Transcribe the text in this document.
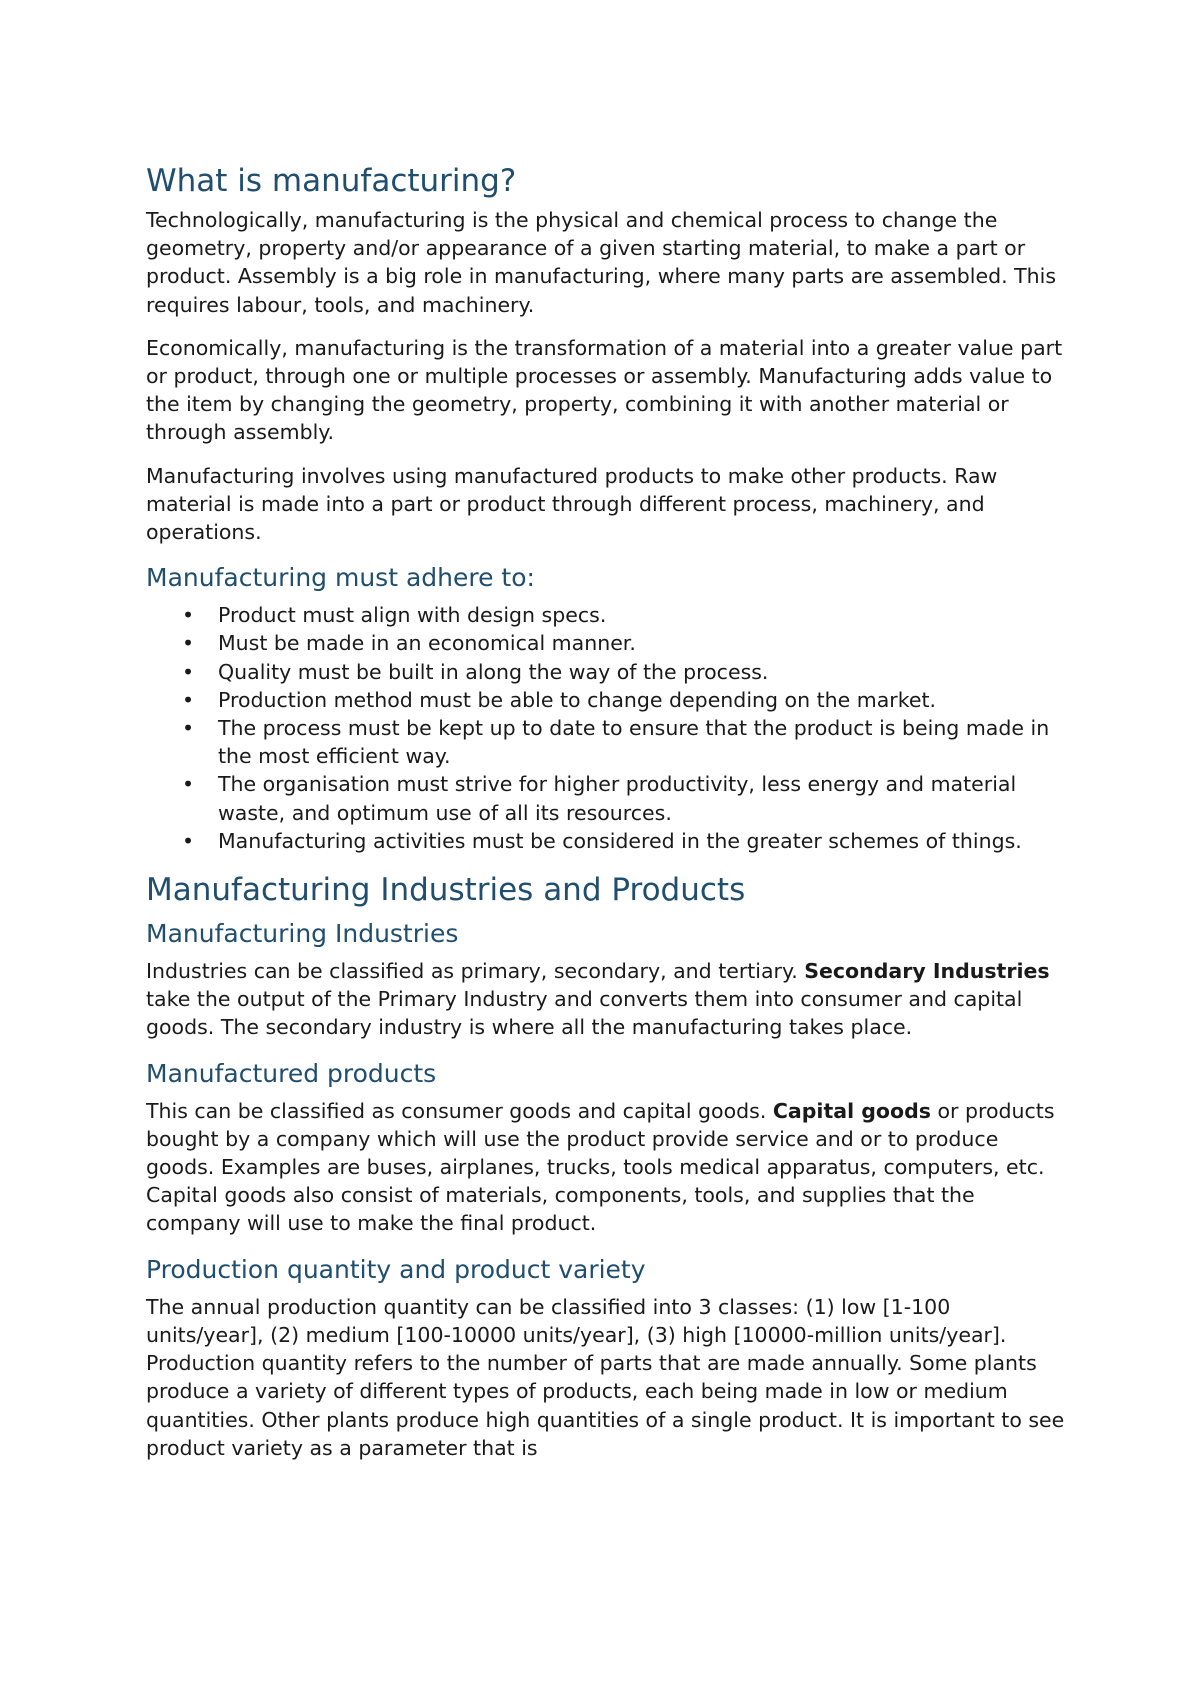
What is manufacturing?

Technologically, manufacturing is the physical and chemical process to change the geometry, property and/or appearance of a given starting material, to make a part or product. Assembly is a big role in manufacturing, where many parts are assembled. This requires labour, tools, and machinery.

Economically, manufacturing is the transformation of a material into a greater value part or product, through one or multiple processes or assembly. Manufacturing adds value to the item by changing the geometry, property, combining it with another material or through assembly.

Manufacturing involves using manufactured products to make other products. Raw material is made into a part or product through different process, machinery, and operations.

Manufacturing must adhere to:
• Product must align with design specs.
• Must be made in an economical manner.
• Quality must be built in along the way of the process.
• Production method must be able to change depending on the market.
• The process must be kept up to date to ensure that the product is being made in the most efficient way.
• The organisation must strive for higher productivity, less energy and material waste, and optimum use of all its resources.
• Manufacturing activities must be considered in the greater schemes of things.
Manufacturing Industries and Products
Manufacturing Industries

Industries can be classified as primary, secondary, and tertiary. Secondary Industries take the output of the Primary Industry and converts them into consumer and capital goods. The secondary industry is where all the manufacturing takes place.

Manufactured products

This can be classified as consumer goods and capital goods. Capital goods or products bought by a company which will use the product provide service and or to produce goods. Examples are buses, airplanes, trucks, tools medical apparatus, computers, etc. Capital goods also consist of materials, components, tools, and supplies that the company will use to make the final product.

Production quantity and product variety

The annual production quantity can be classified into 3 classes: (1) low [1-100 units/year], (2) medium [100-10000 units/year], (3) high [10000-million units/year]. Production quantity refers to the number of parts that are made annually. Some plants produce a variety of different types of products, each being made in low or medium quantities. Other plants produce high quantities of a single product. It is important to see product variety as a parameter that is
